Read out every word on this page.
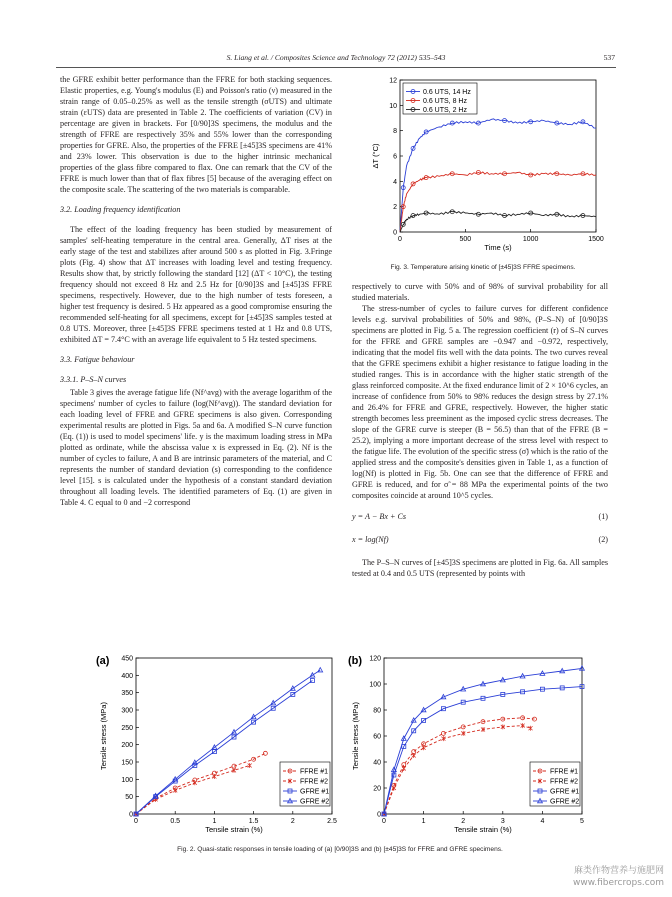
S. Liang et al. / Composites Science and Technology 72 (2012) 535–543	537

the GFRE exhibit better performance than the FFRE for both stacking sequences. Elastic properties, e.g. Young's modulus (E) and Poisson's ratio (ν) measured in the strain range of 0.05–0.25% as well as the tensile strength (σUTS) and ultimate strain (εUTS) data are presented in Table 2. The coefficients of variation (CV) in percentage are given in brackets. For [0/90]3S specimens, the modulus and the strength of FFRE are respectively 35% and 55% lower than the corresponding properties for GFRE. Also, the properties of the FFRE [±45]3S specimens are 41% and 23% lower. This observation is due to the higher intrinsic mechanical properties of the glass fibre compared to flax. One can remark that the CV of the FFRE is much lower than that of flax fibres [5] because of the averaging effect on the composite scale. The scattering of the two materials is comparable.

3.2. Loading frequency identification

The effect of the loading frequency has been studied by measurement of samples' self-heating temperature in the central area. Generally, ΔT rises at the early stage of the test and stabilizes after around 500 s as plotted in Fig. 3.Fringe plots (Fig. 4) show that ΔT increases with loading level and testing frequency. Results show that, by strictly following the standard [12] (ΔT < 10°C), the testing frequency should not exceed 8 Hz and 2.5 Hz for [0/90]3S and [±45]3S FFRE specimens, respectively. However, due to the high number of tests foreseen, a higher test frequency is desired. 5 Hz appeared as a good compromise ensuring the recommended self-heating for all specimens, except for [±45]3S samples tested at 0.8 UTS. Moreover, three [±45]3S FFRE specimens tested at 1 Hz and 0.8 UTS, exhibited ΔT = 7.4°C with an average life equivalent to 5 Hz tested specimens.

3.3. Fatigue behaviour
3.3.1. P–S–N curves

Table 3 gives the average fatigue life (Nf^avg) with the average logarithm of the specimens' number of cycles to failure (log(Nf^avg)). The standard deviation for each loading level of FFRE and GFRE specimens is also given. Corresponding experimental results are plotted in Figs. 5a and 6a. A modified S–N curve function (Eq. (1)) is used to model specimens' life. y is the maximum loading stress in MPa plotted as ordinate, while the abscissa value x is expressed in Eq. (2). Nf is the number of cycles to failure, A and B are intrinsic parameters of the material, and C represents the number of standard deviation (s) corresponding to the confidence level [15]. s is calculated under the hypothesis of a constant standard deviation throughout all loading levels. The identified parameters of Eq. (1) are given in Table 4. C equal to 0 and −2 correspond

0	500	1000	1500
0
2
4
6
8
10
12
Time (s)
ΔT (°C)
0.6 UTS, 14 Hz
0.6 UTS, 8 Hz
0.6 UTS, 2 Hz
Fig. 3. Temperature arising kinetic of [±45]3S FFRE specimens.

respectively to curve with 50% and of 98% of survival probability for all studied materials.

The stress-number of cycles to failure curves for different confidence levels e.g. survival probabilities of 50% and 98%, (P–S–N) of [0/90]3S specimens are plotted in Fig. 5 a. The regression coefficient (r) of S–N curves for the FFRE and GFRE samples are −0.947 and −0.972, respectively, indicating that the model fits well with the data points. The two curves reveal that the GFRE specimens exhibit a higher resistance to fatigue loading in the studied ranges. This is in accordance with the higher static strength of the glass reinforced composite. At the fixed endurance limit of 2 × 10^6 cycles, an increase of confidence from 50% to 98% reduces the design stress by 27.1% and 26.4% for FFRE and GFRE, respectively. However, the higher static strength becomes less preeminent as the imposed cyclic stress decreases. The slope of the GFRE curve is steeper (B = 56.5) than that of the FFRE (B = 25.2), implying a more important decrease of the stress level with respect to the fatigue life. The evolution of the specific stress (σ̃) which is the ratio of the applied stress and the composite's densities given in Table 1, as a function of log(Nf) is plotted in Fig. 5b. One can see that the difference of FFRE and GFRE is reduced, and for σ̃ = 88 MPa the experimental points of the two composites coincide at around 10^5 cycles.

y = A − Bx + Cs	(1)
x = log(Nf)	(2)

The P–S–N curves of [±45]3S specimens are plotted in Fig. 6a. All samples tested at 0.4 and 0.5 UTS (represented by points with

0	0.5	1	1.5	2	2.5
0
50
100
150
200
250
300
350
400
450
Tensile strain (%)
Tensile stress (MPa)
(a)
FFRE #1
FFRE #2
GFRE #1
GFRE #2
0	1	2	3	4	5
0
20
40
60
80
100
120
Tensile strain (%)
Tensile stress (MPa)
(b)
FFRE #1
FFRE #2
GFRE #1
GFRE #2
Fig. 2. Quasi-static responses in tensile loading of (a) [0/90]3S and (b) [±45]3S for FFRE and GFRE specimens.
麻类作物营养与施肥网
www.fibercrops.com
